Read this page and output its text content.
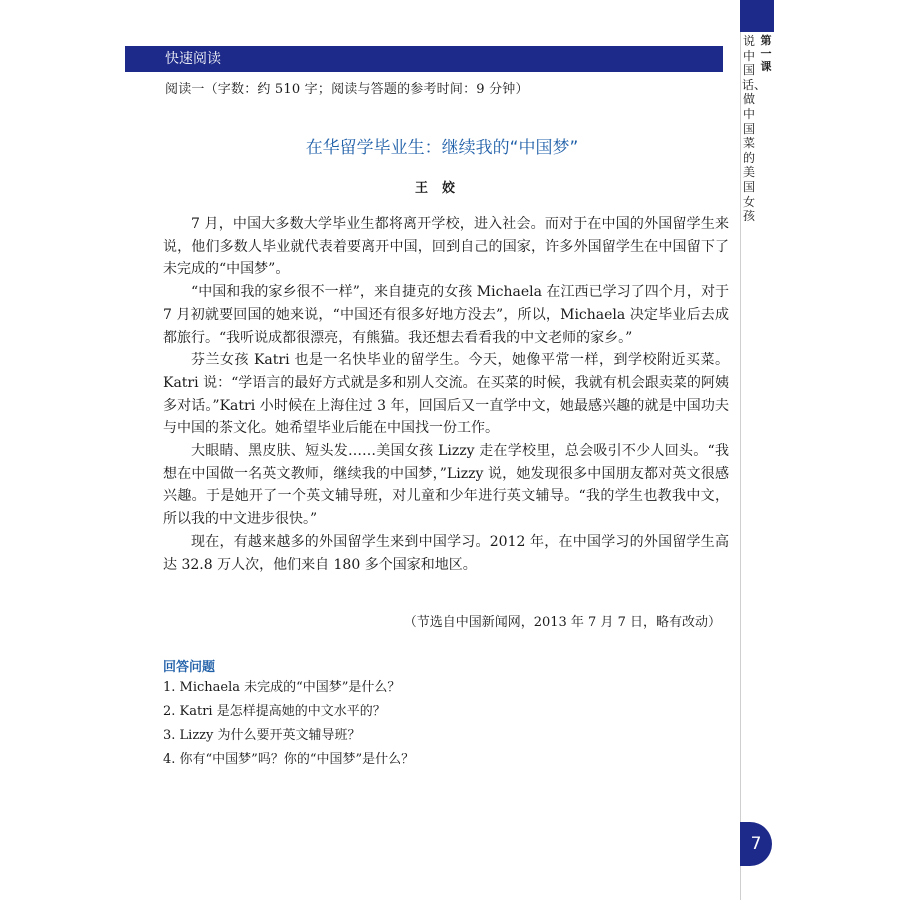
快速阅读
阅读一（字数：约 510 字；阅读与答题的参考时间：9 分钟）
第一课
说中国话、做中国菜的美国女孩
在华留学毕业生：继续我的“中国梦”
王姣

7 月，中国大多数大学毕业生都将离开学校，进入社会。而对于在中国的外国留学生来说，他们多数人毕业就代表着要离开中国，回到自己的国家，许多外国留学生在中国留下了未完成的“中国梦”。

“中国和我的家乡很不一样”，来自捷克的女孩 Michaela 在江西已学习了四个月，对于 7 月初就要回国的她来说，“中国还有很多好地方没去”，所以，Michaela 决定毕业后去成都旅行。“我听说成都很漂亮，有熊猫。我还想去看看我的中文老师的家乡。”

芬兰女孩 Katri 也是一名快毕业的留学生。今天，她像平常一样，到学校附近买菜。Katri 说：“学语言的最好方式就是多和别人交流。在买菜的时候，我就有机会跟卖菜的阿姨多对话。”Katri 小时候在上海住过 3 年，回国后又一直学中文，她最感兴趣的就是中国功夫与中国的茶文化。她希望毕业后能在中国找一份工作。

大眼睛、黑皮肤、短头发……美国女孩 Lizzy 走在学校里，总会吸引不少人回头。“我想在中国做一名英文教师，继续我的中国梦，”Lizzy 说，她发现很多中国朋友都对英文很感兴趣。于是她开了一个英文辅导班，对儿童和少年进行英文辅导。“我的学生也教我中文，所以我的中文进步很快。”

现在，有越来越多的外国留学生来到中国学习。2012 年，在中国学习的外国留学生高达 32.8 万人次，他们来自 180 多个国家和地区。

（节选自中国新闻网，2013 年 7 月 7 日，略有改动）
回答问题
1. Michaela 未完成的“中国梦”是什么？
2. Katri 是怎样提高她的中文水平的？
3. Lizzy 为什么要开英文辅导班？
4. 你有“中国梦”吗？你的“中国梦”是什么？
7
